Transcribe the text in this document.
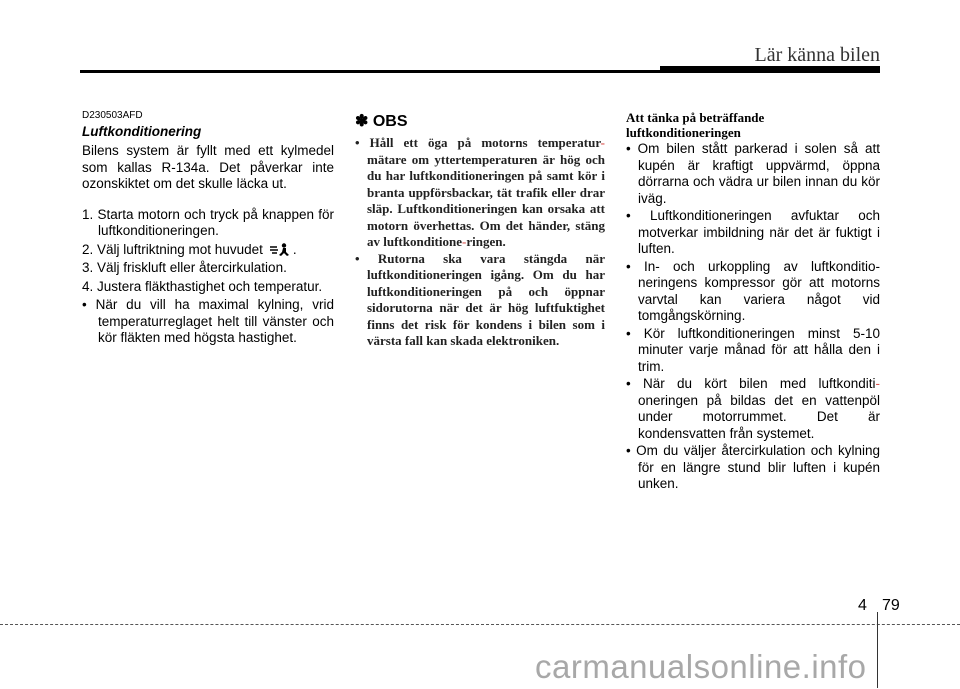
Lär känna bilen
D230503AFD
Luftkonditionering

Bilens system är fyllt med ett kylmedel som kallas R-134a. Det påverkar inte ozonskiktet om det skulle läcka ut.

1. Starta motorn och tryck på knappen för luftkonditioneringen.
2. Välj luftriktning mot huvudet .
3. Välj friskluft eller återcirkulation.
4. Justera fläkthastighet och temperatur.
• När du vill ha maximal kylning, vrid temperaturreglaget helt till vänster och kör fläkten med högsta hastighet.
✽ OBS
• Håll ett öga på motorns temperatur- mätare om yttertemperaturen är hög och du har luftkonditioneringen på samt kör i branta uppförsbackar, tät trafik eller drar släp. Luftkonditioneringen kan orsaka att motorn överhettas. Om det händer, stäng av luftkonditione-ringen.
• Rutorna ska vara stängda när luftkonditioneringen igång. Om du har luftkonditioneringen på och öppnar sidorutorna när det är hög luftfuktighet finns det risk för kondens i bilen som i värsta fall kan skada elektroniken.
Att tänka på beträffande
luftkonditioneringen
• Om bilen stått parkerad i solen så att kupén är kraftigt uppvärmd, öppna dörrarna och vädra ur bilen innan du kör iväg.
• Luftkonditioneringen avfuktar och motverkar imbildning när det är fuktigt i luften.
• In- och urkoppling av luftkonditio- neringens kompressor gör att motorns varvtal kan variera något vid tomgångskörning.
• Kör luftkonditioneringen minst 5-10 minuter varje månad för att hålla den i trim.
• När du kört bilen med luftkonditi- oneringen på bildas det en vattenpöl under motorrummet. Det är kondensvatten från systemet.
• Om du väljer återcirkulation och kylning för en längre stund blir luften i kupén unken.
4 79
carmanualsonline.info
